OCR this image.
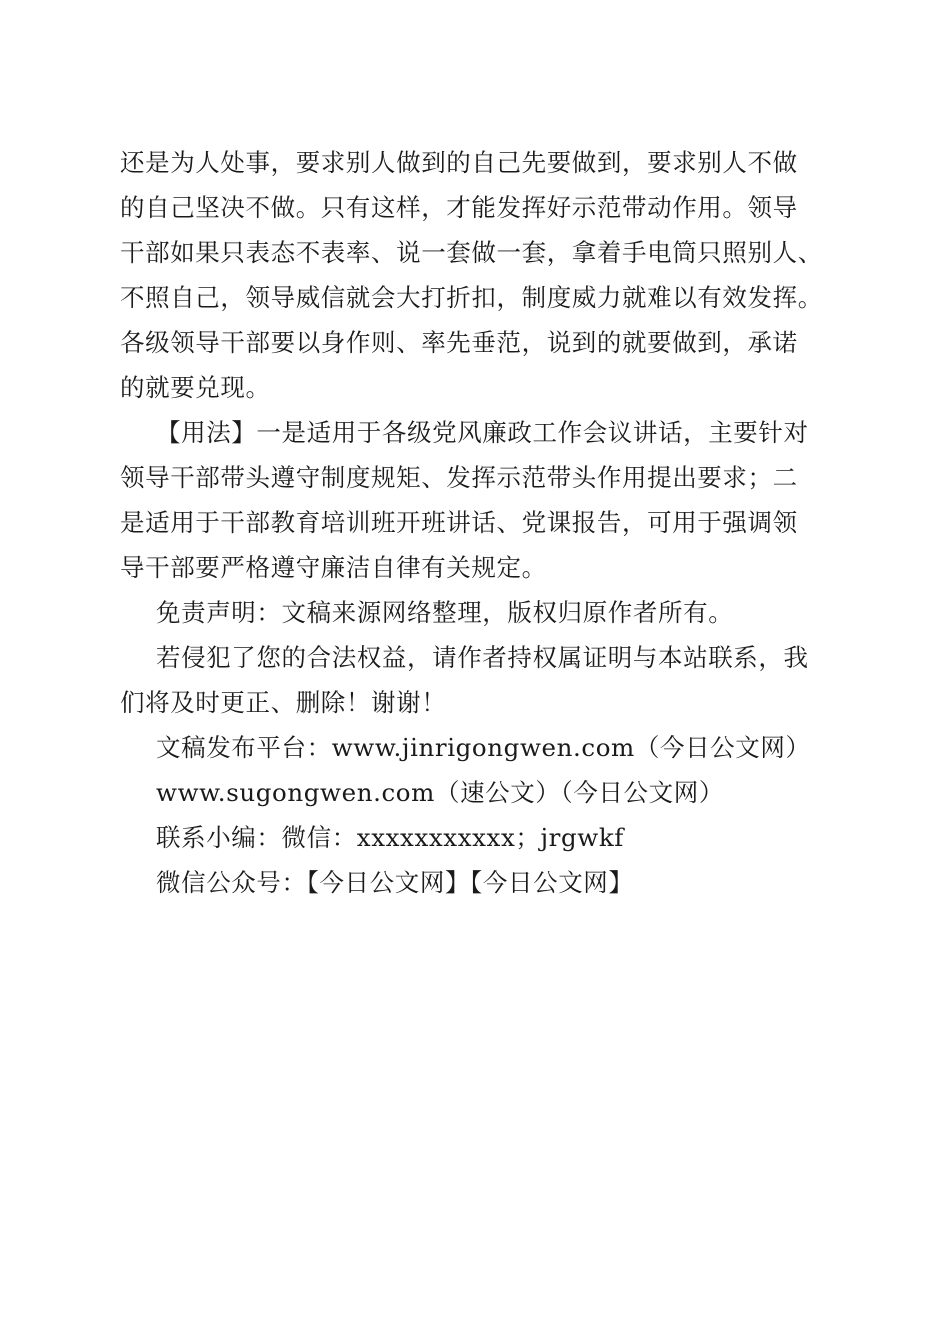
还是为人处事，要求别人做到的自己先要做到，要求别人不做
的自己坚决不做。只有这样，才能发挥好示范带动作用。领导
干部如果只表态不表率、说一套做一套，拿着手电筒只照别人、
不照自己，领导威信就会大打折扣，制度威力就难以有效发挥。
各级领导干部要以身作则、率先垂范，说到的就要做到，承诺
的就要兑现。
【用法】一是适用于各级党风廉政工作会议讲话，主要针对
领导干部带头遵守制度规矩、发挥示范带头作用提出要求；二
是适用于干部教育培训班开班讲话、党课报告，可用于强调领
导干部要严格遵守廉洁自律有关规定。
免责声明：文稿来源网络整理，版权归原作者所有。
若侵犯了您的合法权益，请作者持权属证明与本站联系，我
们将及时更正、删除！谢谢！
文稿发布平台：www.jinrigongwen.com（今日公文网）
www.sugongwen.com（速公文）（今日公文网）
联系小编：微信：xxxxxxxxxxx；jrgwkf
微信公众号：【今日公文网】【今日公文网】
